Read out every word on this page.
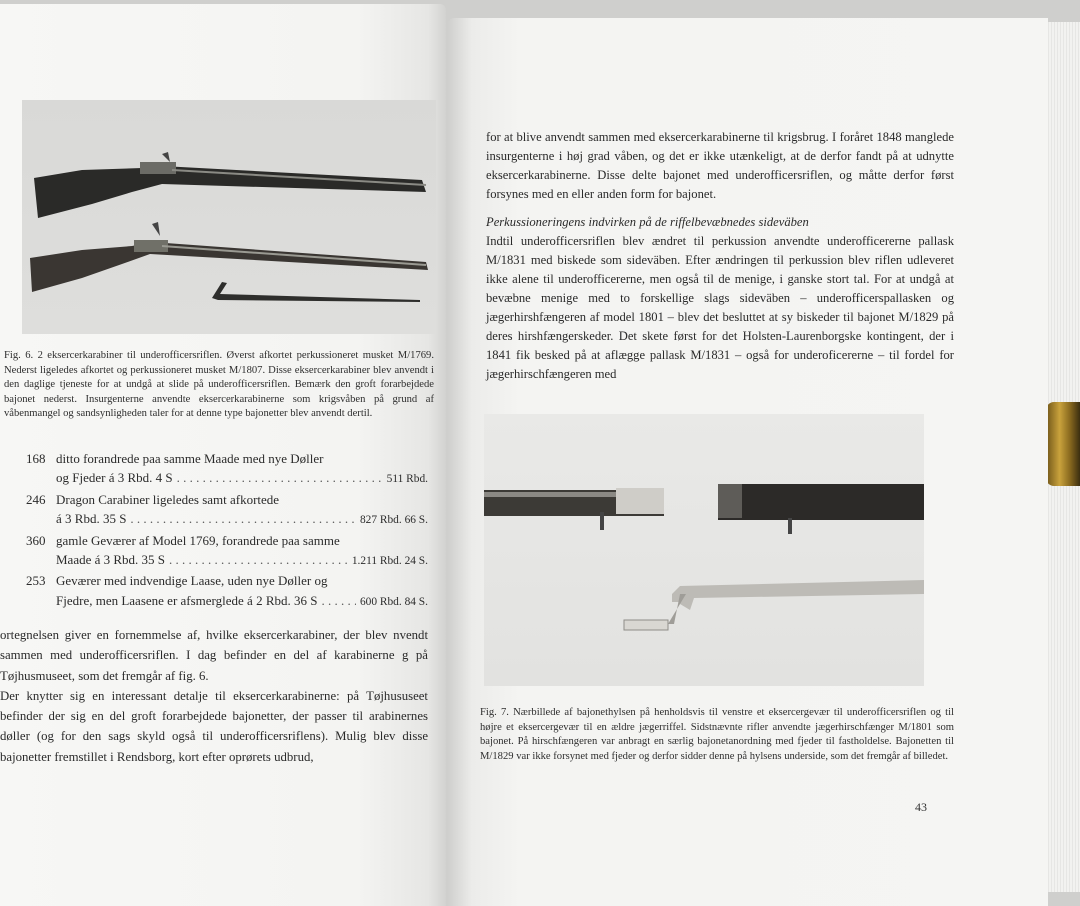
Fig. 6. 2 eksercerkarabiner til underofficersriflen. Øverst afkortet perkussioneret musket M/1769. Nederst ligeledes afkortet og perkussioneret musket M/1807. Disse eksercerkarabiner blev anvendt i den daglige tjeneste for at undgå at slide på underofficersriflen. Bemærk den groft forarbejdede bajonet nederst. Insurgenterne anvendte eksercerkarabinerne som krigsvåben på grund af våbenmangel og sandsynligheden taler for at denne type bajonetter blev anvendt dertil.

168 ditto forandrede paa samme Maade med nye Døller
og Fjeder á 3 Rbd. 4 S . . .	511 Rbd.
246 Dragon Carabiner ligeledes samt afkortede
á 3 Rbd. 35 S . . .	827 Rbd. 66 S.
360 gamle Geværer af Model 1769, forandrede paa samme
Maade á 3 Rbd. 35 S . . .	1.211 Rbd. 24 S.
253 Geværer med indvendige Laase, uden nye Døller og
Fjedre, men Laasene er afsmerglede á 2 Rbd. 36 S . . .	600 Rbd. 84 S.

ortegnelsen giver en fornemmelse af, hvilke eksercerkarabiner, der blev nvendt sammen med underofficersriflen. I dag befinder en del af karabinerne g på Tøjhusmuseet, som det fremgår af fig. 6.

Der knytter sig en interessant detalje til eksercerkarabinerne: på Tøjhususeet befinder der sig en del groft forarbejdede bajonetter, der passer til arabinernes døller (og for den sags skyld også til underofficersriflens). Mulig blev disse bajonetter fremstillet i Rendsborg, kort efter oprørets udbrud,

for at blive anvendt sammen med eksercerkarabinerne til krigsbrug. I foråret 1848 manglede insurgenterne i høj grad våben, og det er ikke utænkeligt, at de derfor fandt på at udnytte eksercerkarabinerne. Disse delte bajonet med underofficersriflen, og måtte derfor først forsynes med en eller anden form for bajonet.

Perkussioneringens indvirken på de riffelbevæbnedes sideväben

Indtil underofficersriflen blev ændret til perkussion anvendte underofficererne pallask M/1831 med biskede som sideväben. Efter ændringen til perkussion blev riflen udleveret ikke alene til underofficererne, men også til de menige, i ganske stort tal. For at undgå at bevæbne menige med to forskellige slags sideväben – underofficerspallasken og jægerhirshfængeren af model 1801 – blev det besluttet at sy biskeder til bajonet M/1829 på deres hirshfængerskeder. Det skete først for det Holsten-Laurenborgske kontingent, der i 1841 fik besked på at aflægge pallask M/1831 – også for underoficererne – til fordel for jægerhirschfængeren med

Fig. 7. Nærbillede af bajonethylsen på henholdsvis til venstre et eksercergevær til underofficersriflen og til højre et eksercergevær til en ældre jægerriffel. Sidstnævnte rifler anvendte jægerhirschfænger M/1801 som bajonet. På hirschfængeren var anbragt en særlig bajonetanordning med fjeder til fastholdelse. Bajonetten til M/1829 var ikke forsynet med fjeder og derfor sidder denne på hylsens underside, som det fremgår af billedet.

43
